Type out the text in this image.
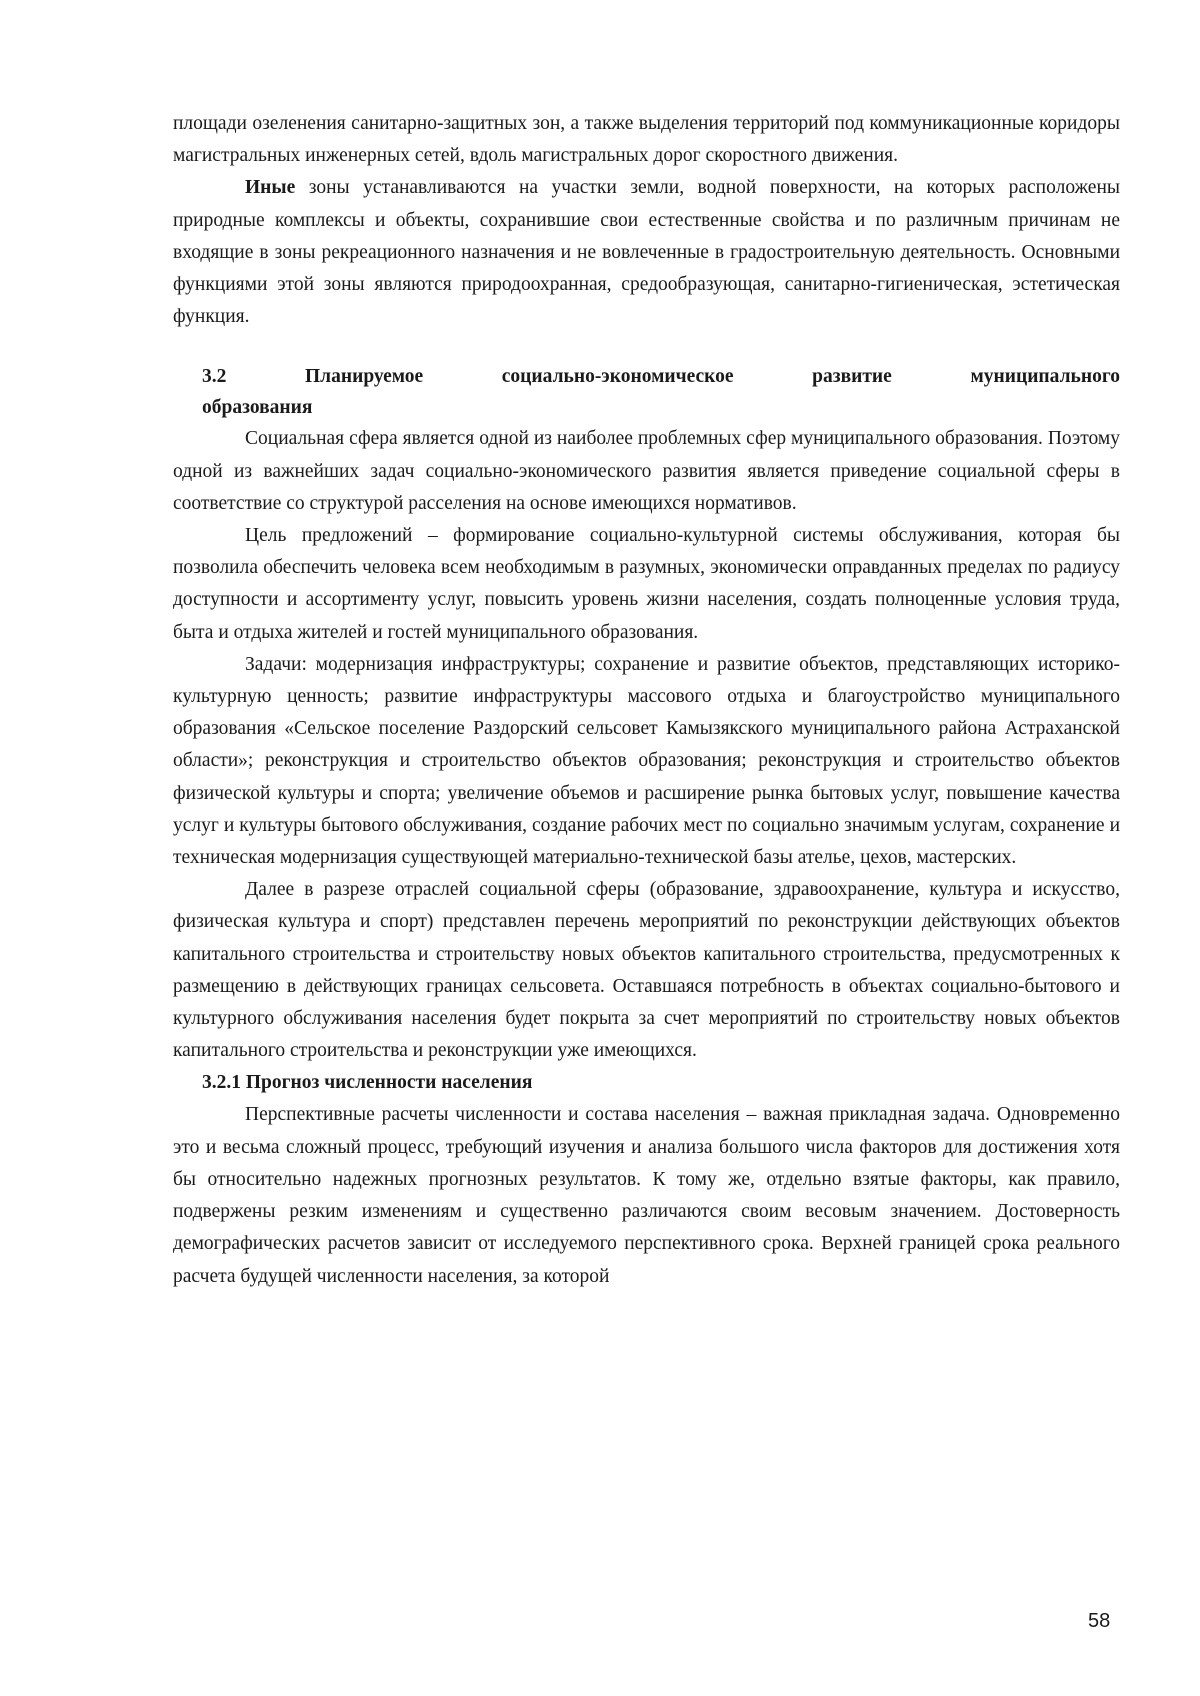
площади озеленения санитарно-защитных зон, а также выделения территорий под коммуникационные коридоры магистральных инженерных сетей, вдоль магистральных дорог скоростного движения.

Иные зоны устанавливаются на участки земли, водной поверхности, на которых расположены природные комплексы и объекты, сохранившие свои естественные свойства и по различным причинам не входящие в зоны рекреационного назначения и не вовлеченные в градостроительную деятельность. Основными функциями этой зоны являются природоохранная, средообразующая, санитарно-гигиеническая, эстетическая функция.

3.2	Планируемое	социально-экономическое	развитие	муниципального
образования

Социальная сфера является одной из наиболее проблемных сфер муниципального образования. Поэтому одной из важнейших задач социально-экономического развития является приведение социальной сферы в соответствие со структурой расселения на основе имеющихся нормативов.

Цель предложений – формирование социально-культурной системы обслуживания, которая бы позволила обеспечить человека всем необходимым в разумных, экономически оправданных пределах по радиусу доступности и ассортименту услуг, повысить уровень жизни населения, создать полноценные условия труда, быта и отдыха жителей и гостей муниципального образования.

Задачи: модернизация инфраструктуры; сохранение и развитие объектов, представляющих историко-культурную ценность; развитие инфраструктуры массового отдыха и благоустройство муниципального образования «Сельское поселение Раздорский сельсовет Камызякского муниципального района Астраханской области»; реконструкция и строительство объектов образования; реконструкция и строительство объектов физической культуры и спорта; увеличение объемов и расширение рынка бытовых услуг, повышение качества услуг и культуры бытового обслуживания, создание рабочих мест по социально значимым услугам, сохранение и техническая модернизация существующей материально-технической базы ателье, цехов, мастерских.

Далее в разрезе отраслей социальной сферы (образование, здравоохранение, культура и искусство, физическая культура и спорт) представлен перечень мероприятий по реконструкции действующих объектов капитального строительства и строительству новых объектов капитального строительства, предусмотренных к размещению в действующих границах сельсовета. Оставшаяся потребность в объектах социально-бытового и культурного обслуживания населения будет покрыта за счет мероприятий по строительству новых объектов капитального строительства и реконструкции уже имеющихся.

3.2.1 Прогноз численности населения

Перспективные расчеты численности и состава населения – важная прикладная задача. Одновременно это и весьма сложный процесс, требующий изучения и анализа большого числа факторов для достижения хотя бы относительно надежных прогнозных результатов. К тому же, отдельно взятые факторы, как правило, подвержены резким изменениям и существенно различаются своим весовым значением. Достоверность демографических расчетов зависит от исследуемого перспективного срока. Верхней границей срока реального расчета будущей численности населения, за которой

58
